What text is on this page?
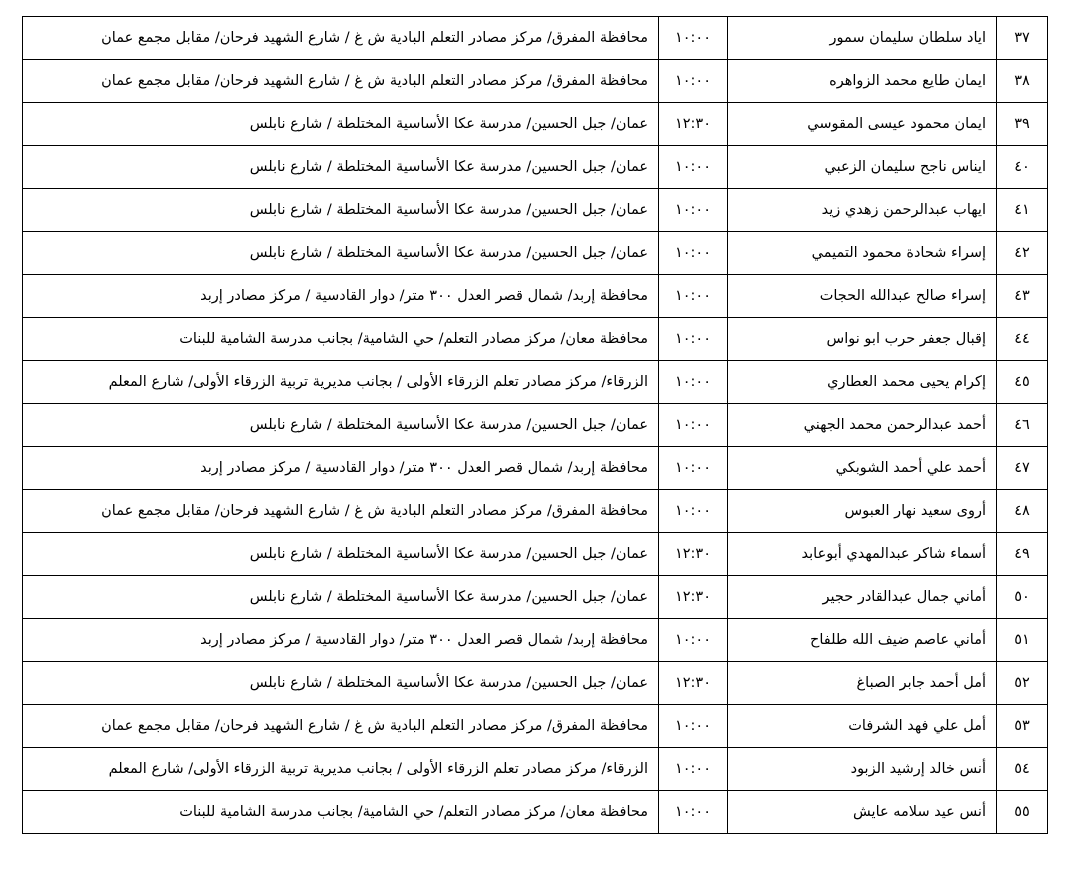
٣٧	اياد سلطان سليمان سمور	١٠:٠٠	محافظة المفرق/ مركز مصادر التعلم البادية ش غ / شارع الشهيد فرحان/ مقابل مجمع عمان
٣٨	ايمان طايع محمد الزواهره	١٠:٠٠	محافظة المفرق/ مركز مصادر التعلم البادية ش غ / شارع الشهيد فرحان/ مقابل مجمع عمان
٣٩	ايمان محمود عيسى المقوسي	١٢:٣٠	عمان/ جبل الحسين/ مدرسة عكا الأساسية المختلطة / شارع نابلس
٤٠	ايناس ناجح سليمان الزعبي	١٠:٠٠	عمان/ جبل الحسين/ مدرسة عكا الأساسية المختلطة / شارع نابلس
٤١	ايهاب عبدالرحمن زهدي زيد	١٠:٠٠	عمان/ جبل الحسين/ مدرسة عكا الأساسية المختلطة / شارع نابلس
٤٢	إسراء شحادة محمود التميمي	١٠:٠٠	عمان/ جبل الحسين/ مدرسة عكا الأساسية المختلطة / شارع نابلس
٤٣	إسراء صالح عبدالله الحجات	١٠:٠٠	محافظة إربد/ شمال قصر العدل ٣٠٠ متر/ دوار القادسية / مركز مصادر إربد
٤٤	إقبال جعفر حرب ابو نواس	١٠:٠٠	محافظة معان/ مركز مصادر التعلم/ حي الشامية/ بجانب مدرسة الشامية للبنات
٤٥	إكرام يحيى محمد العطاري	١٠:٠٠	الزرقاء/ مركز مصادر تعلم الزرقاء الأولى / بجانب مديرية تربية الزرقاء الأولى/ شارع المعلم
٤٦	أحمد عبدالرحمن محمد الجهني	١٠:٠٠	عمان/ جبل الحسين/ مدرسة عكا الأساسية المختلطة / شارع نابلس
٤٧	أحمد علي أحمد الشوبكي	١٠:٠٠	محافظة إربد/ شمال قصر العدل ٣٠٠ متر/ دوار القادسية / مركز مصادر إربد
٤٨	أروى سعيد نهار العبوس	١٠:٠٠	محافظة المفرق/ مركز مصادر التعلم البادية ش غ / شارع الشهيد فرحان/ مقابل مجمع عمان
٤٩	أسماء شاكر عبدالمهدي أبوعابد	١٢:٣٠	عمان/ جبل الحسين/ مدرسة عكا الأساسية المختلطة / شارع نابلس
٥٠	أماني جمال عبدالقادر حجير	١٢:٣٠	عمان/ جبل الحسين/ مدرسة عكا الأساسية المختلطة / شارع نابلس
٥١	أماني عاصم ضيف الله طلفاح	١٠:٠٠	محافظة إربد/ شمال قصر العدل ٣٠٠ متر/ دوار القادسية / مركز مصادر إربد
٥٢	أمل أحمد جابر الصباغ	١٢:٣٠	عمان/ جبل الحسين/ مدرسة عكا الأساسية المختلطة / شارع نابلس
٥٣	أمل علي فهد الشرفات	١٠:٠٠	محافظة المفرق/ مركز مصادر التعلم البادية ش غ / شارع الشهيد فرحان/ مقابل مجمع عمان
٥٤	أنس خالد إرشيد الزبود	١٠:٠٠	الزرقاء/ مركز مصادر تعلم الزرقاء الأولى / بجانب مديرية تربية الزرقاء الأولى/ شارع المعلم
٥٥	أنس عيد سلامه عايش	١٠:٠٠	محافظة معان/ مركز مصادر التعلم/ حي الشامية/ بجانب مدرسة الشامية للبنات
